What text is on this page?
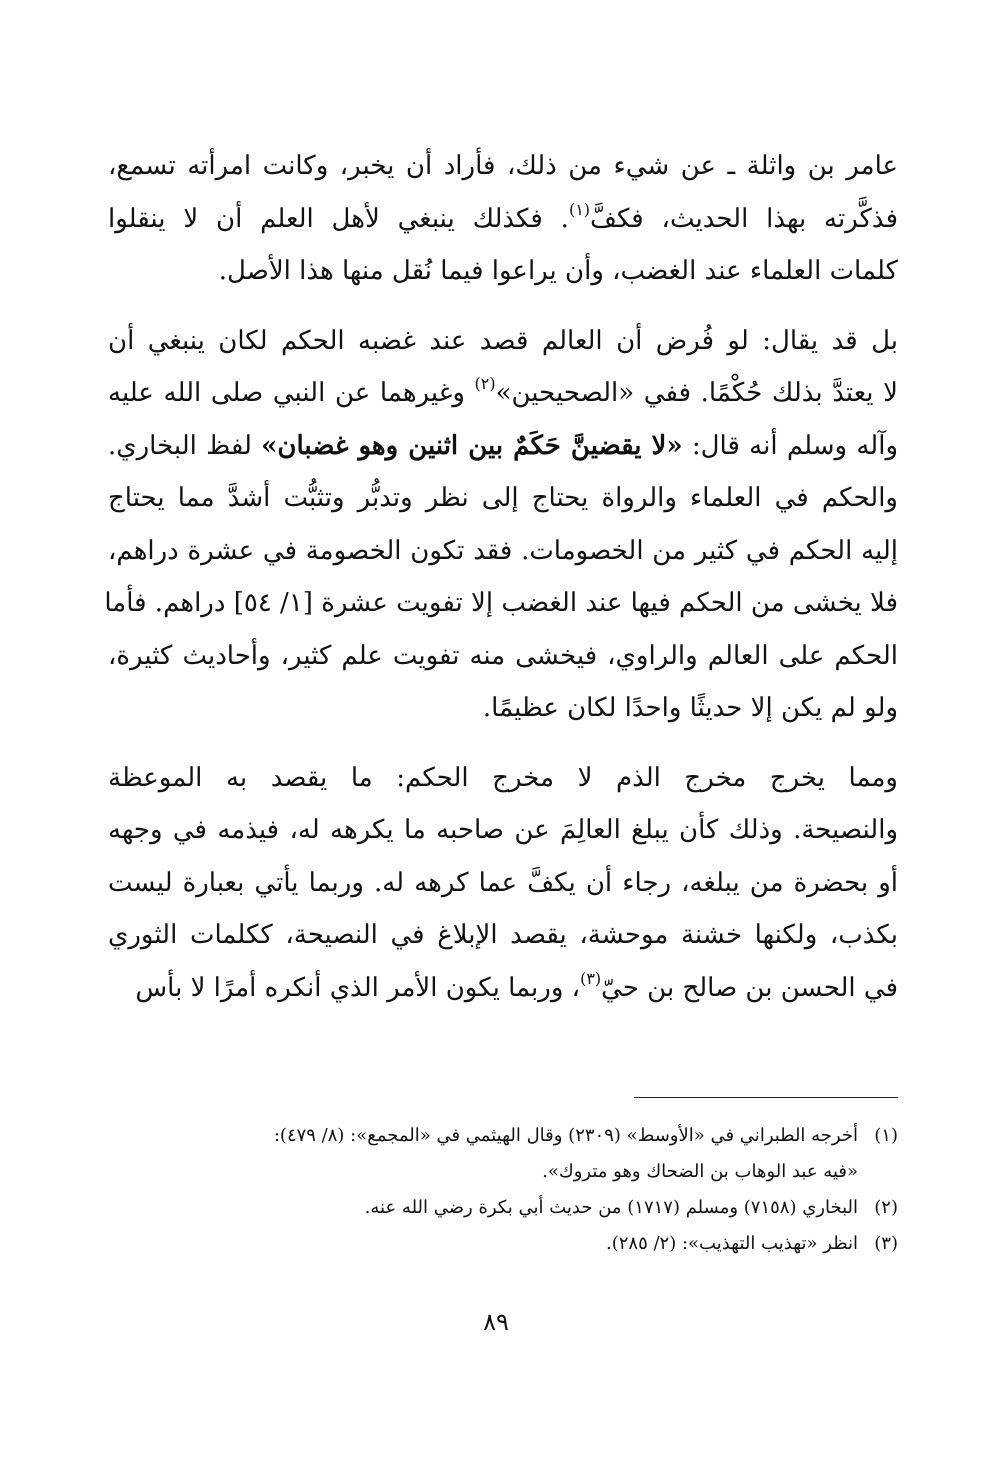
عامر بن واثلة ـ عن شيء من ذلك، فأراد أن يخبر، وكانت امرأته تسمع،
فذكَّرته بهذا الحديث، فكفَّ$^{(١)}$. فكذلك ينبغي لأهل العلم أن لا ينقلوا
كلمات العلماء عند الغضب، وأن يراعوا فيما نُقل منها هذا الأصل.
بل قد يقال: لو فُرض أن العالم قصد عند غضبه الحكم لكان ينبغي أن
لا يعتدَّ بذلك حُكْمًا. ففي «الصحيحين»$^{(٢)}$ وغيرهما عن النبي صلى الله عليه
وآله وسلم أنه قال: «لا يقضينَّ حَكَمٌ بين اثنين وهو غضبان» لفظ البخاري.
والحكم في العلماء والرواة يحتاج إلى نظر وتدبُّر وتثبُّت أشدَّ مما يحتاج
إليه الحكم في كثير من الخصومات. فقد تكون الخصومة في عشرة دراهم،
فلا يخشى من الحكم فيها عند الغضب إلا تفويت عشرة [١/ ٥٤] دراهم. فأما
الحكم على العالم والراوي، فيخشى منه تفويت علم كثير، وأحاديث كثيرة،
ولو لم يكن إلا حديثًا واحدًا لكان عظيمًا.
ومما يخرج مخرج الذم لا مخرج الحكم: ما يقصد به الموعظة
والنصيحة. وذلك كأن يبلغ العالِمَ عن صاحبه ما يكرهه له، فيذمه في وجهه
أو بحضرة من يبلغه، رجاء أن يكفَّ عما كرهه له. وربما يأتي بعبارة ليست
بكذب، ولكنها خشنة موحشة، يقصد الإبلاغ في النصيحة، ككلمات الثوري
في الحسن بن صالح بن حيّ$^{(٣)}$، وربما يكون الأمر الذي أنكره أمرًا لا بأس
(١)أخرجه الطبراني في «الأوسط» (٢٣٠٩) وقال الهيثمي في «المجمع»: (٨/ ٤٧٩):
«فيه عبد الوهاب بن الضحاك وهو متروك».
(٢)البخاري (٧١٥٨) ومسلم (١٧١٧) من حديث أبي بكرة رضي الله عنه.
(٣)انظر «تهذيب التهذيب»: (٢/ ٢٨٥).
٨٩
